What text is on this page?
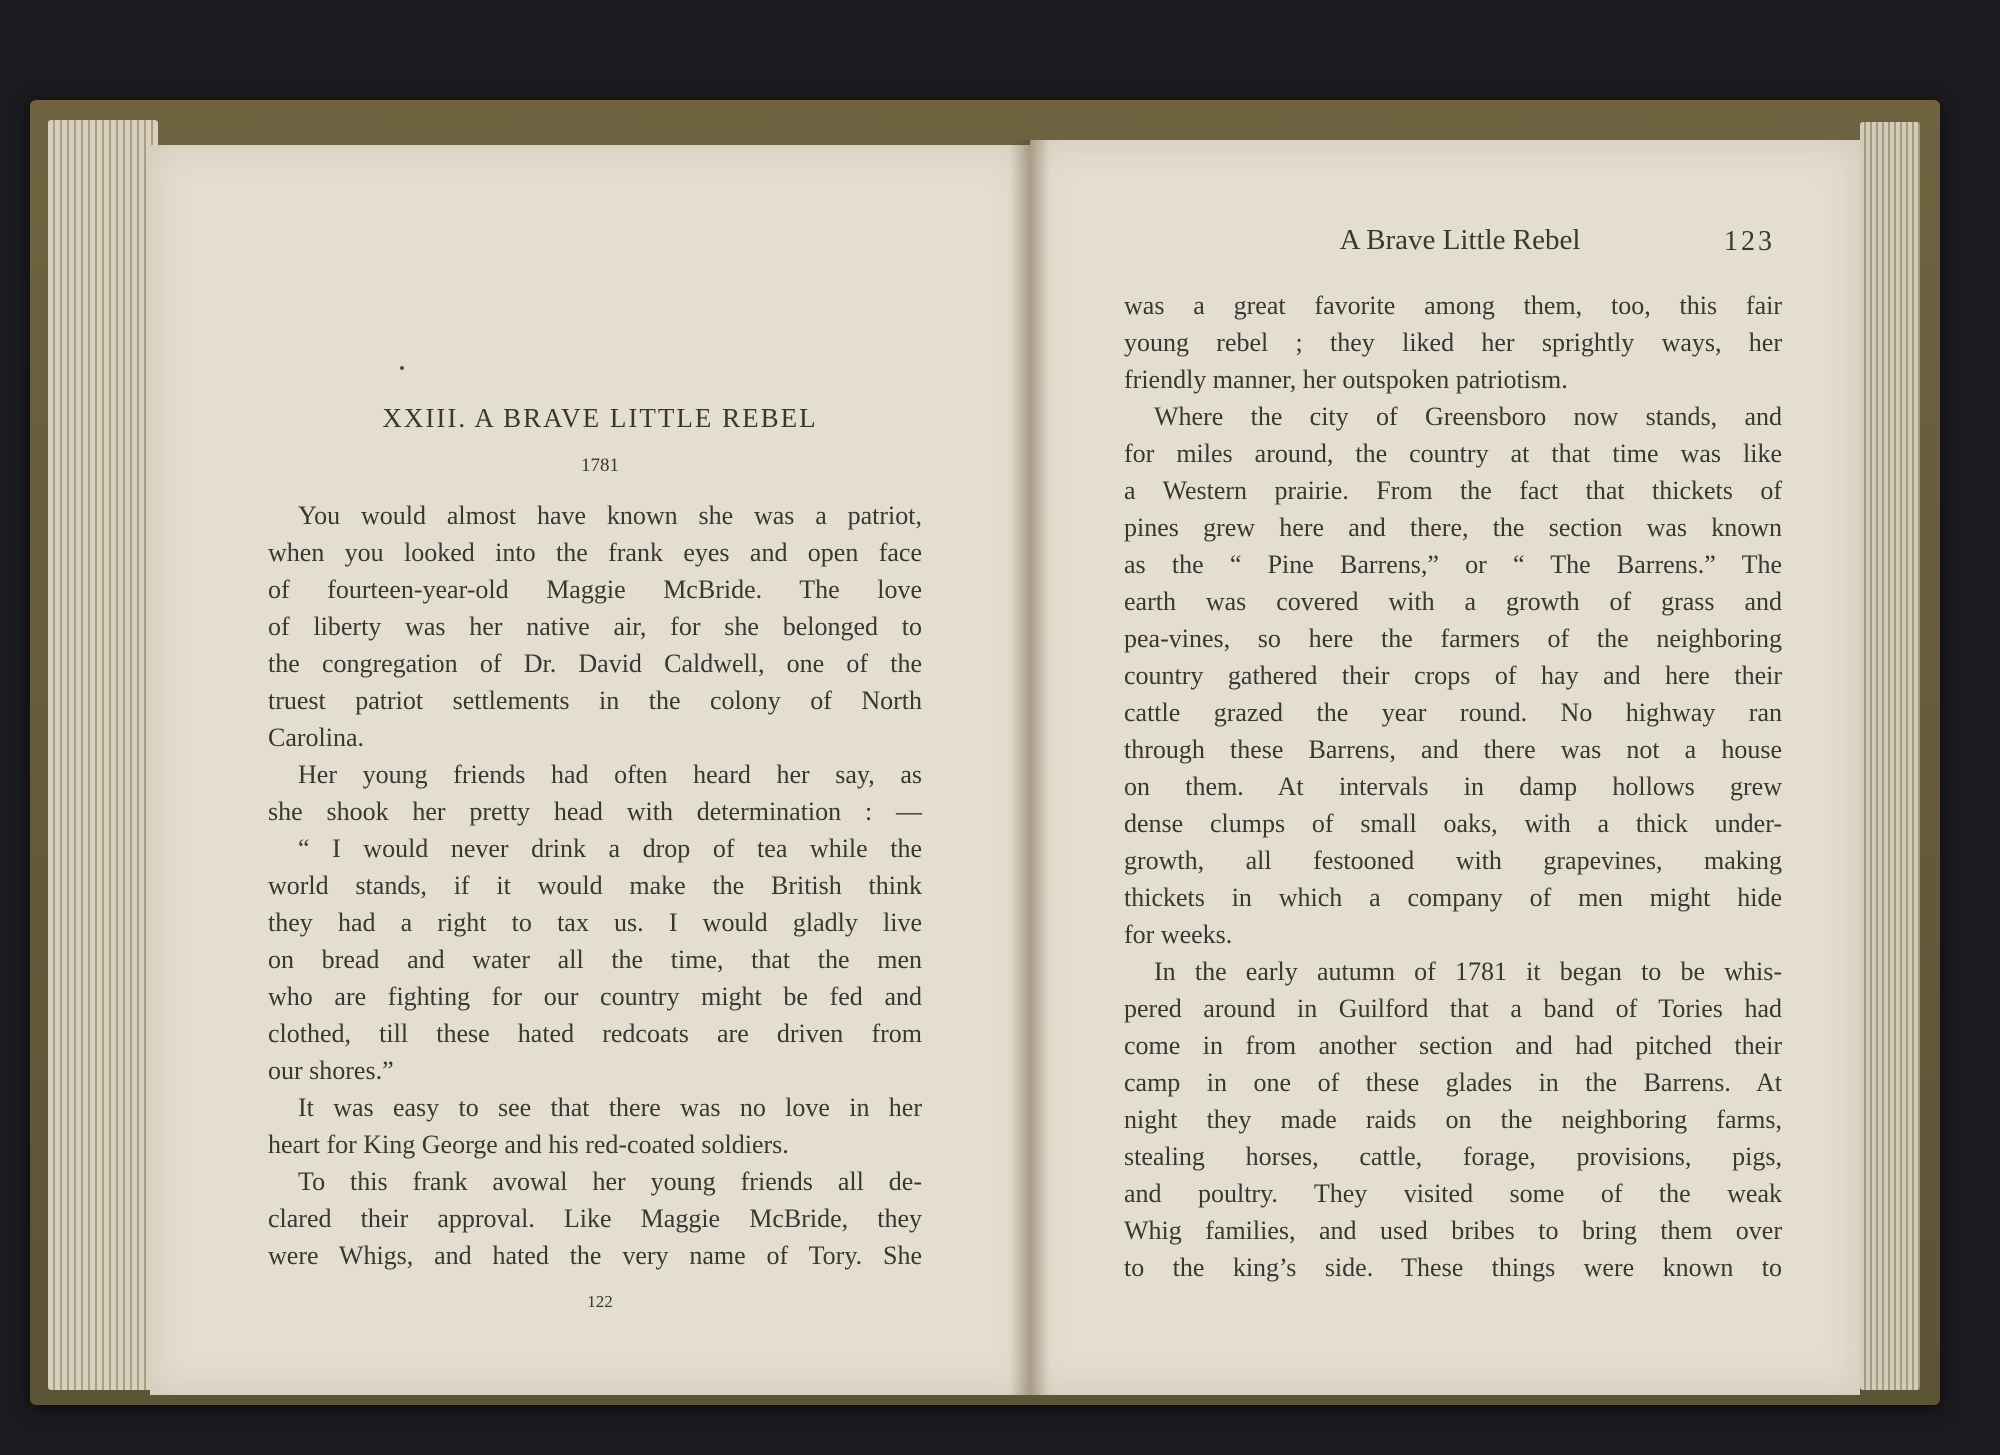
XXIII. A BRAVE LITTLE REBEL
1781
You would almost have known she was a patriot,
when you looked into the frank eyes and open face
of fourteen-year-old Maggie McBride. The love
of liberty was her native air, for she belonged to
the congregation of Dr. David Caldwell, one of the
truest patriot settlements in the colony of North
Carolina.
Her young friends had often heard her say, as
she shook her pretty head with determination : —
“ I would never drink a drop of tea while the
world stands, if it would make the British think
they had a right to tax us. I would gladly live
on bread and water all the time, that the men
who are fighting for our country might be fed and
clothed, till these hated redcoats are driven from
our shores.”
It was easy to see that there was no love in her
heart for King George and his red-coated soldiers.
To this frank avowal her young friends all de-
clared their approval. Like Maggie McBride, they
were Whigs, and hated the very name of Tory. She
122
A Brave Little Rebel	123
was a great favorite among them, too, this fair
young rebel ; they liked her sprightly ways, her
friendly manner, her outspoken patriotism.
Where the city of Greensboro now stands, and
for miles around, the country at that time was like
a Western prairie. From the fact that thickets of
pines grew here and there, the section was known
as the “ Pine Barrens,” or “ The Barrens.” The
earth was covered with a growth of grass and
pea-vines, so here the farmers of the neighboring
country gathered their crops of hay and here their
cattle grazed the year round. No highway ran
through these Barrens, and there was not a house
on them. At intervals in damp hollows grew
dense clumps of small oaks, with a thick under-
growth, all festooned with grapevines, making
thickets in which a company of men might hide
for weeks.
In the early autumn of 1781 it began to be whis-
pered around in Guilford that a band of Tories had
come in from another section and had pitched their
camp in one of these glades in the Barrens. At
night they made raids on the neighboring farms,
stealing horses, cattle, forage, provisions, pigs,
and poultry. They visited some of the weak
Whig families, and used bribes to bring them over
to the king’s side. These things were known to
